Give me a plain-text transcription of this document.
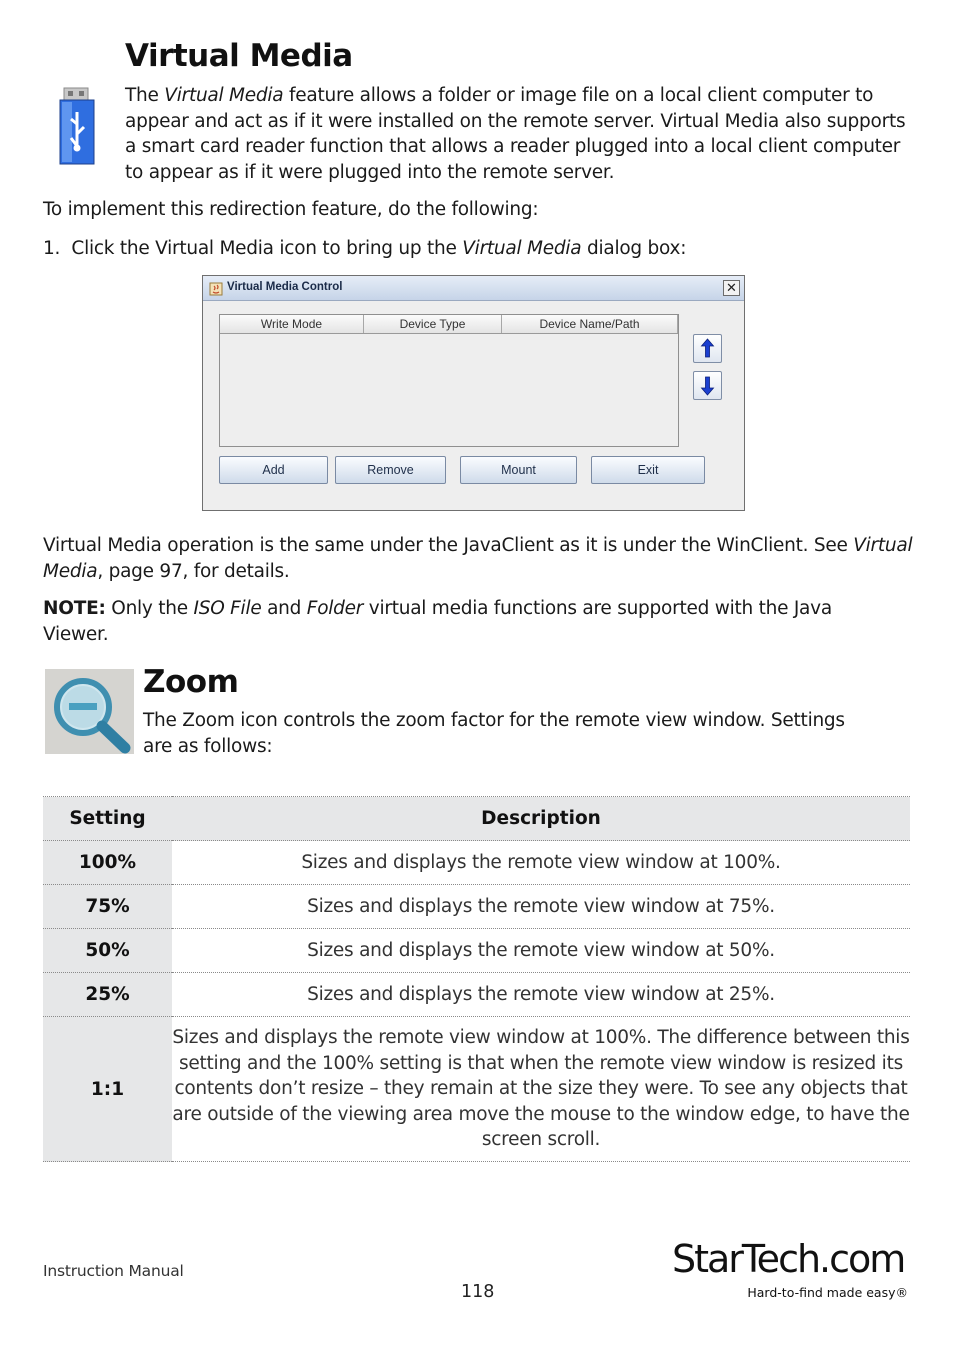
Virtual Media

The Virtual Media feature allows a folder or image file on a local client computer to appear and act as if it were installed on the remote server. Virtual Media also supports a smart card reader function that allows a reader plugged into a local client computer to appear as if it were plugged into the remote server.

To implement this redirection feature, do the following:

1. Click the Virtual Media icon to bring up the Virtual Media dialog box:

Virtual Media Control	✕
Write Mode	Device Type	Device Name/Path
Add	Remove	Mount	Exit

Virtual Media operation is the same under the JavaClient as it is under the WinClient. See Virtual Media, page 97, for details.

NOTE: Only the ISO File and Folder virtual media functions are supported with the Java Viewer.

Zoom

The Zoom icon controls the zoom factor for the remote view window. Settings are as follows:

Setting	Description
100%	Sizes and displays the remote view window at 100%.
75%	Sizes and displays the remote view window at 75%.
50%	Sizes and displays the remote view window at 50%.
25%	Sizes and displays the remote view window at 25%.
1:1	Sizes and displays the remote view window at 100%. The difference between this setting and the 100% setting is that when the remote view window is resized its contents don’t resize – they remain at the size they were. To see any objects that are outside of the viewing area move the mouse to the window edge, to have the screen scroll.
Instruction Manual
118
StarTech.com
Hard-to-find made easy®
